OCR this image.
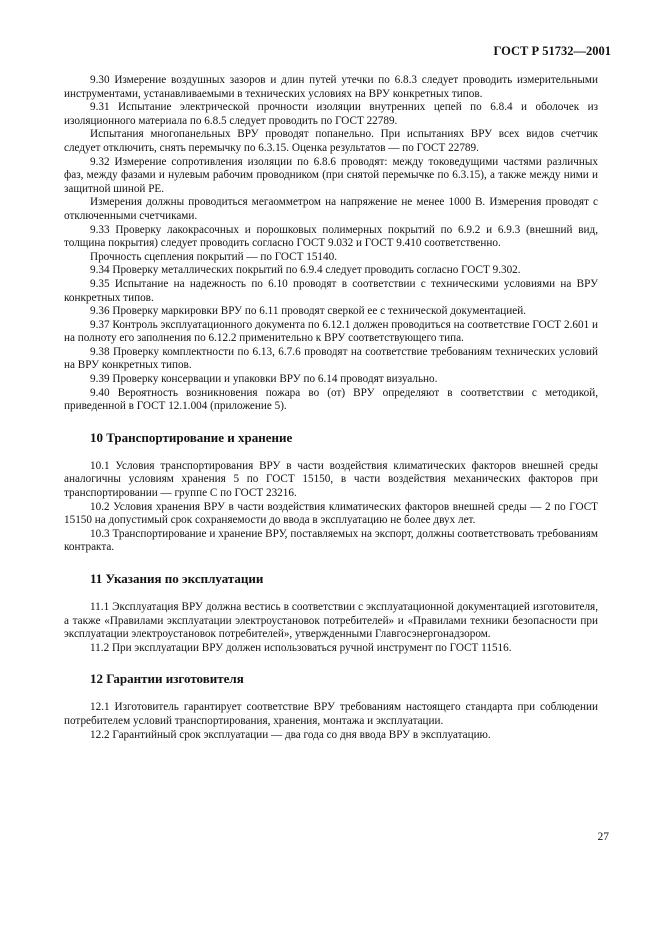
ГОСТ Р 51732—2001

9.30 Измерение воздушных зазоров и длин путей утечки по 6.8.3 следует проводить измерительными инструментами, устанавливаемыми в технических условиях на ВРУ конкретных типов.

9.31 Испытание электрической прочности изоляции внутренних цепей по 6.8.4 и оболочек из изоляционного материала по 6.8.5 следует проводить по ГОСТ 22789.

Испытания многопанельных ВРУ проводят попанельно. При испытаниях ВРУ всех видов счетчик следует отключить, снять перемычку по 6.3.15. Оценка результатов — по ГОСТ 22789.

9.32 Измерение сопротивления изоляции по 6.8.6 проводят: между токоведущими частями различных фаз, между фазами и нулевым рабочим проводником (при снятой перемычке по 6.3.15), а также между ними и защитной шиной PE.

Измерения должны проводиться мегаомметром на напряжение не менее 1000 В. Измерения проводят с отключенными счетчиками.

9.33 Проверку лакокрасочных и порошковых полимерных покрытий по 6.9.2 и 6.9.3 (внешний вид, толщина покрытия) следует проводить согласно ГОСТ 9.032 и ГОСТ 9.410 соответственно.

Прочность сцепления покрытий — по ГОСТ 15140.

9.34 Проверку металлических покрытий по 6.9.4 следует проводить согласно ГОСТ 9.302.

9.35 Испытание на надежность по 6.10 проводят в соответствии с техническими условиями на ВРУ конкретных типов.

9.36 Проверку маркировки ВРУ по 6.11 проводят сверкой ее с технической документацией.

9.37 Контроль эксплуатационного документа по 6.12.1 должен проводиться на соответствие ГОСТ 2.601 и на полноту его заполнения по 6.12.2 применительно к ВРУ соответствующего типа.

9.38 Проверку комплектности по 6.13, 6.7.6 проводят на соответствие требованиям технических условий на ВРУ конкретных типов.

9.39 Проверку консервации и упаковки ВРУ по 6.14 проводят визуально.

9.40 Вероятность возникновения пожара во (от) ВРУ определяют в соответствии с методикой, приведенной в ГОСТ 12.1.004 (приложение 5).

10 Транспортирование и хранение

10.1 Условия транспортирования ВРУ в части воздействия климатических факторов внешней среды аналогичны условиям хранения 5 по ГОСТ 15150, в части воздействия механических факторов при транспортировании — группе С по ГОСТ 23216.

10.2 Условия хранения ВРУ в части воздействия климатических факторов внешней среды — 2 по ГОСТ 15150 на допустимый срок сохраняемости до ввода в эксплуатацию не более двух лет.

10.3 Транспортирование и хранение ВРУ, поставляемых на экспорт, должны соответствовать требованиям контракта.

11 Указания по эксплуатации

11.1 Эксплуатация ВРУ должна вестись в соответствии с эксплуатационной документацией изготовителя, а также «Правилами эксплуатации электроустановок потребителей» и «Правилами техники безопасности при эксплуатации электроустановок потребителей», утвержденными Главгосэнергонадзором.

11.2 При эксплуатации ВРУ должен использоваться ручной инструмент по ГОСТ 11516.

12 Гарантии изготовителя

12.1 Изготовитель гарантирует соответствие ВРУ требованиям настоящего стандарта при соблюдении потребителем условий транспортирования, хранения, монтажа и эксплуатации.

12.2 Гарантийный срок эксплуатации — два года со дня ввода ВРУ в эксплуатацию.

27
